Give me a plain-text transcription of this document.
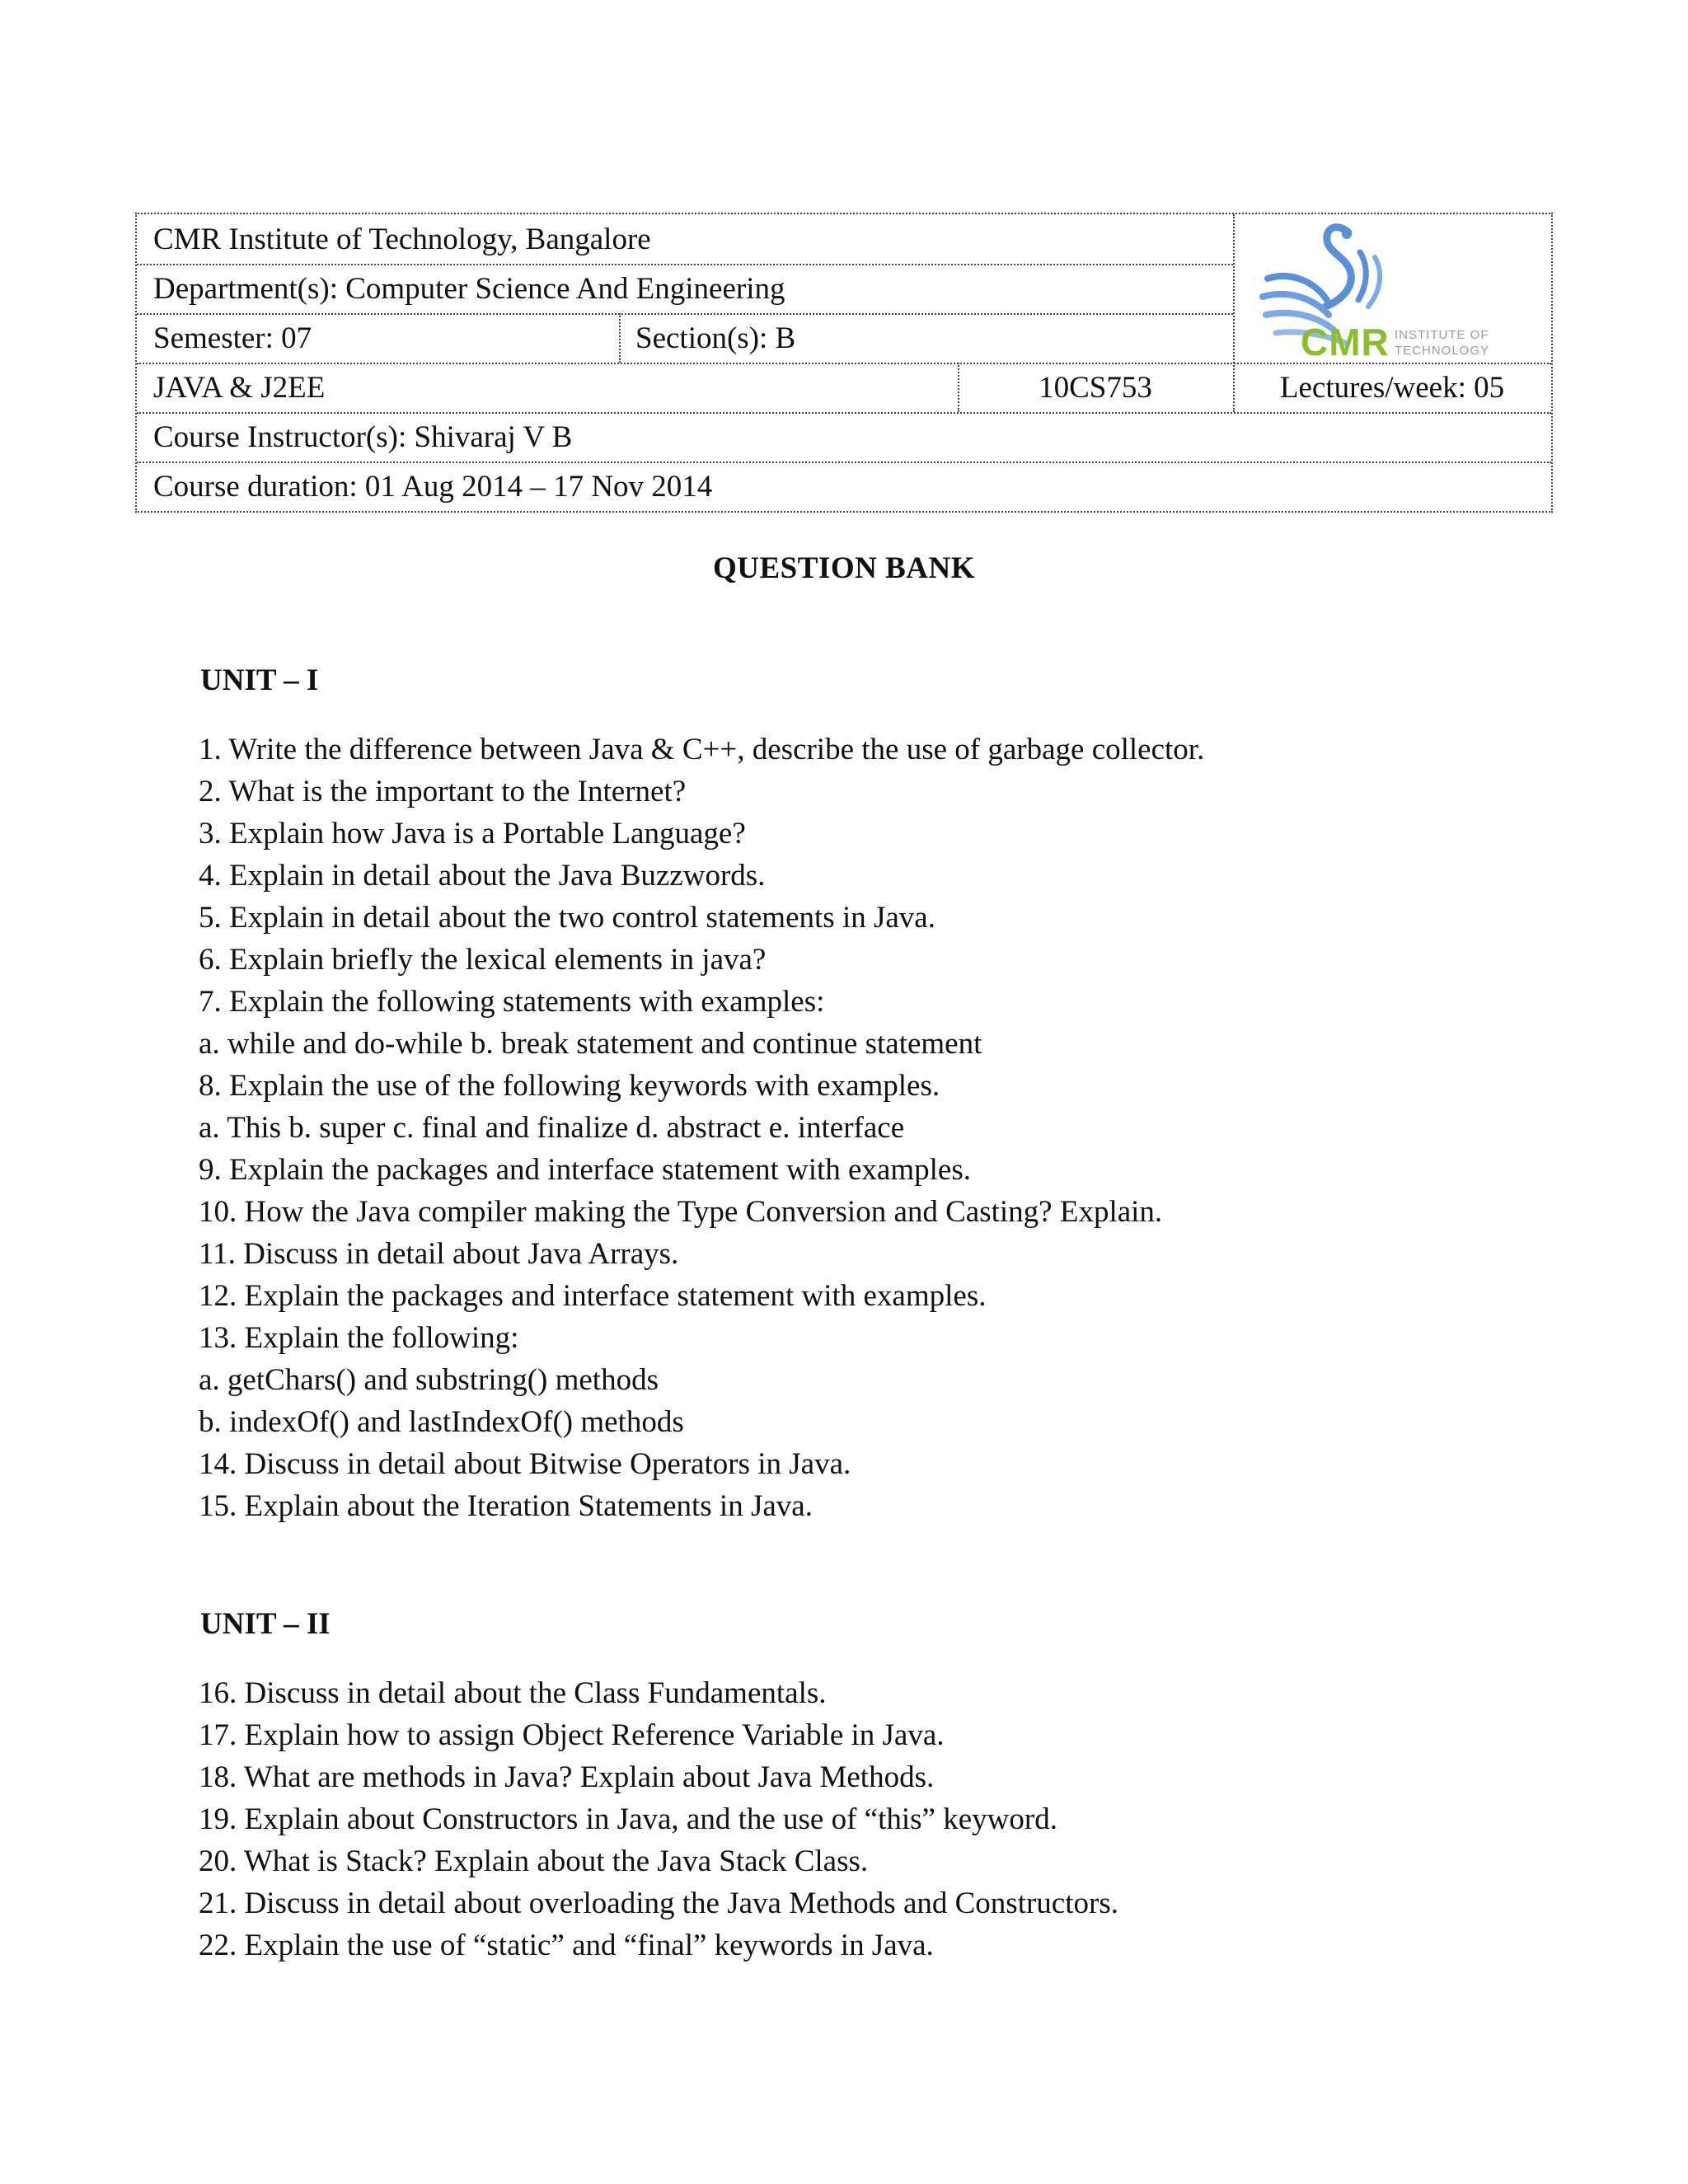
CMR Institute of Technology, Bangalore
Department(s): Computer Science And Engineering
Semester: 07	Section(s): B
JAVA & J2EE	10CS753	Lectures/week: 05
Course Instructor(s): Shivaraj V B
Course duration: 01 Aug 2014 – 17 Nov 2014
CMR INSTITUTE OF
TECHNOLOGY
QUESTION BANK
UNIT – I
1. Write the difference between Java & C++, describe the use of garbage collector.
2. What is the important to the Internet?
3. Explain how Java is a Portable Language?
4. Explain in detail about the Java Buzzwords.
5. Explain in detail about the two control statements in Java.
6. Explain briefly the lexical elements in java?
7. Explain the following statements with examples:
a. while and do-while b. break statement and continue statement
8. Explain the use of the following keywords with examples.
a. This b. super c. final and finalize d. abstract e. interface
9. Explain the packages and interface statement with examples.
10. How the Java compiler making the Type Conversion and Casting? Explain.
11. Discuss in detail about Java Arrays.
12. Explain the packages and interface statement with examples.
13. Explain the following:
a. getChars() and substring() methods
b. indexOf() and lastIndexOf() methods
14. Discuss in detail about Bitwise Operators in Java.
15. Explain about the Iteration Statements in Java.
UNIT – II
16. Discuss in detail about the Class Fundamentals.
17. Explain how to assign Object Reference Variable in Java.
18. What are methods in Java? Explain about Java Methods.
19. Explain about Constructors in Java, and the use of “this” keyword.
20. What is Stack? Explain about the Java Stack Class.
21. Discuss in detail about overloading the Java Methods and Constructors.
22. Explain the use of “static” and “final” keywords in Java.
